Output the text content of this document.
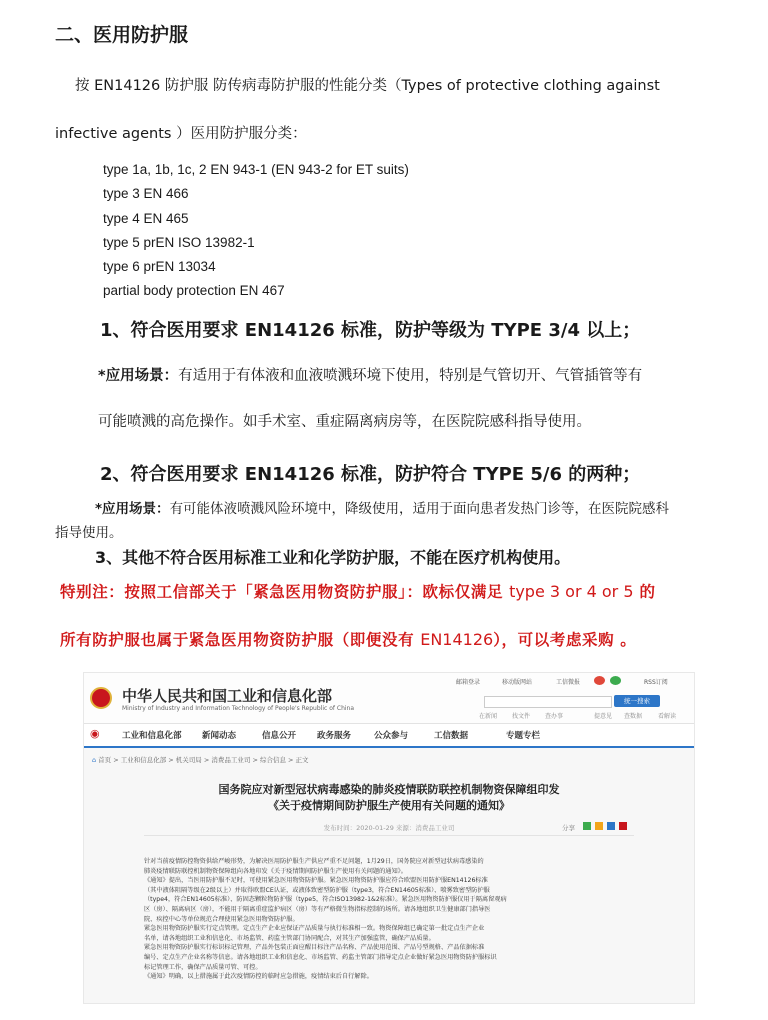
二、医用防护服
按 EN14126 防护服 防传病毒防护服的性能分类（Types of protective clothing against
infective agents ）医用防护服分类：
type 1a, 1b, 1c, 2 EN 943-1 (EN 943-2 for ET suits)
type 3 EN 466
type 4 EN 465
type 5 prEN ISO 13982-1
type 6 prEN 13034
partial body protection EN 467
1、符合医用要求 EN14126 标准，防护等级为 TYPE 3/4 以上；
*应用场景：有适用于有体液和血液喷溅环境下使用，特别是气管切开、气管插管等有
可能喷溅的高危操作。如手术室、重症隔离病房等，在医院院感科指导使用。
2、符合医用要求 EN14126 标准，防护符合 TYPE 5/6 的两种；
*应用场景：有可能体液喷溅风险环境中，降级使用，适用于面向患者发热门诊等，在医院院感科
指导使用。
3、其他不符合医用标准工业和化学防护服，不能在医疗机构使用。
特别注：按照工信部关于「紧急医用物资防护服」：欧标仅满足 type 3 or 4 or 5 的
所有防护服也属于紧急医用物资防护服（即便没有 EN14126），可以考虑采购 。
中华人民共和国工业和信息化部
Ministry of Industry and Information Technology of People's Republic of China
邮箱登录	移动版网站	工信微报	RSS订阅
统一搜索
在新闻 找文件 查办事	提意见 查数据	看解读
◉	工业和信息化部 新闻动态	信息公开 政务服务	公众参与	工信数据	专题专栏
⌂ 首页 > 工业和信息化部 > 机关司局 > 消费品工业司 > 综合信息 > 正文
国务院应对新型冠状病毒感染的肺炎疫情联防联控机制物资保障组印发
《关于疫情期间防护服生产使用有关问题的通知》
发布时间：2020-01-29 来源：消费品工业司	分享
针对当前疫情防控物资供给严峻形势，为解决医用防护服生产供应严重不足问题，1月29日，国务院应对新型冠状病毒感染的
肺炎疫情联防联控机制物资保障组向各地印发《关于疫情期间防护服生产使用有关问题的通知》。
《通知》提出，当医用防护服不足时，可使用紧急医用物资防护服。紧急医用物资防护服应符合欧盟医用防护服EN14126标准
（其中液体阻隔等级在2级以上）并取得欧盟CE认证，或液体致密型防护服（type3，符合EN14605标准）、喷雾致密型防护服
（type4，符合EN14605标准）、防固态颗粒物防护服（type5，符合ISO13982-1&2标准）。紧急医用物资防护服仅用于隔离留观病
区（房）、隔离病区（房），不能用于隔离重症监护病区（房）等有严格微生物指标控制的场所。请各地组织卫生健康部门指导医
院、疾控中心等单位规范合理使用紧急医用物资防护服。
紧急医用物资防护服实行定点管理。定点生产企业应保证产品质量与执行标准相一致。物资保障组已确定第一批定点生产企业
名单，请各地组织工业和信息化、市场监管、药监主管部门协同配合，对其生产加强监管，确保产品质量。
紧急医用物资防护服实行标识标记管理，产品外包装正面应醒目标注产品名称、产品使用范围、产品号型规格、产品依据标准
编号、定点生产企业名称等信息。请各地组织工业和信息化、市场监管、药监主管部门指导定点企业做好紧急医用物资防护服标识
标记管理工作，确保产品质量可管、可控。
《通知》明确，以上措施属于此次疫情防控的临时应急措施，疫情结束后自行解除。
